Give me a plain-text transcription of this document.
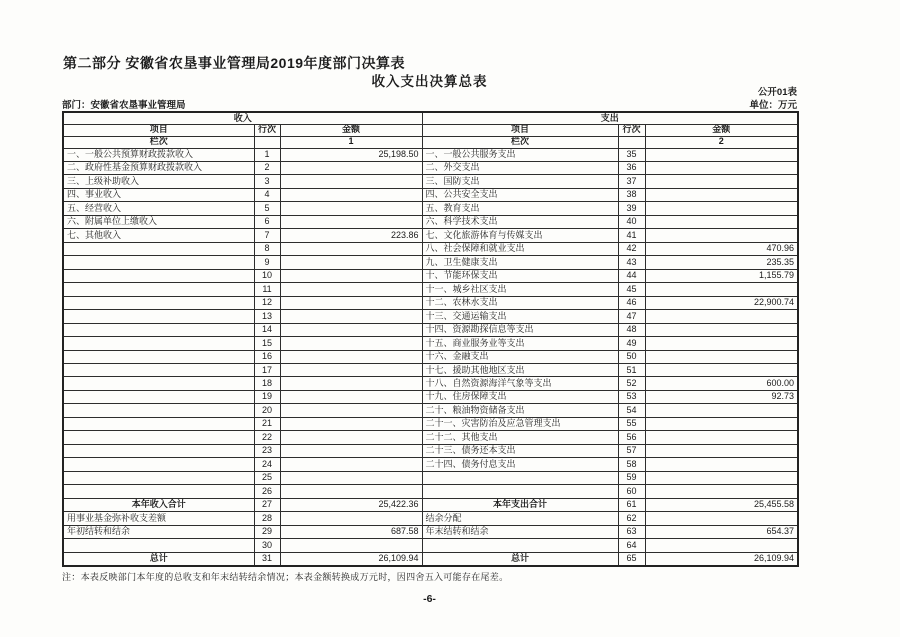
第二部分 安徽省农垦事业管理局2019年度部门决算表
收入支出决算总表
公开01表
部门：安徽省农垦事业管理局	单位：万元
收入			支出		
项目	行次	金额	项目	行次	金额
栏次		1	栏次		2
一、一般公共预算财政拨款收入	1	25,198.50	一、一般公共服务支出	35	
二、政府性基金预算财政拨款收入	2		二、外交支出	36	
三、上级补助收入	3		三、国防支出	37	
四、事业收入	4		四、公共安全支出	38	
五、经营收入	5		五、教育支出	39	
六、附属单位上缴收入	6		六、科学技术支出	40	
七、其他收入	7	223.86	七、文化旅游体育与传媒支出	41	
	8		八、社会保障和就业支出	42	470.96
	9		九、卫生健康支出	43	235.35
	10		十、节能环保支出	44	1,155.79
	11		十一、城乡社区支出	45	
	12		十二、农林水支出	46	22,900.74
	13		十三、交通运输支出	47	
	14		十四、资源勘探信息等支出	48	
	15		十五、商业服务业等支出	49	
	16		十六、金融支出	50	
	17		十七、援助其他地区支出	51	
	18		十八、自然资源海洋气象等支出	52	600.00
	19		十九、住房保障支出	53	92.73
	20		二十、粮油物资储备支出	54	
	21		二十一、灾害防治及应急管理支出	55	
	22		二十二、其他支出	56	
	23		二十三、债务还本支出	57	
	24		二十四、债务付息支出	58	
	25			59	
	26			60	
本年收入合计	27	25,422.36	本年支出合计	61	25,455.58
用事业基金弥补收支差额	28		结余分配	62	
年初结转和结余	29	687.58	年末结转和结余	63	654.37
	30			64	
总计	31	26,109.94	总计	65	26,109.94
注：本表反映部门本年度的总收支和年末结转结余情况；本表金额转换成万元时，因四舍五入可能存在尾差。
-6-
